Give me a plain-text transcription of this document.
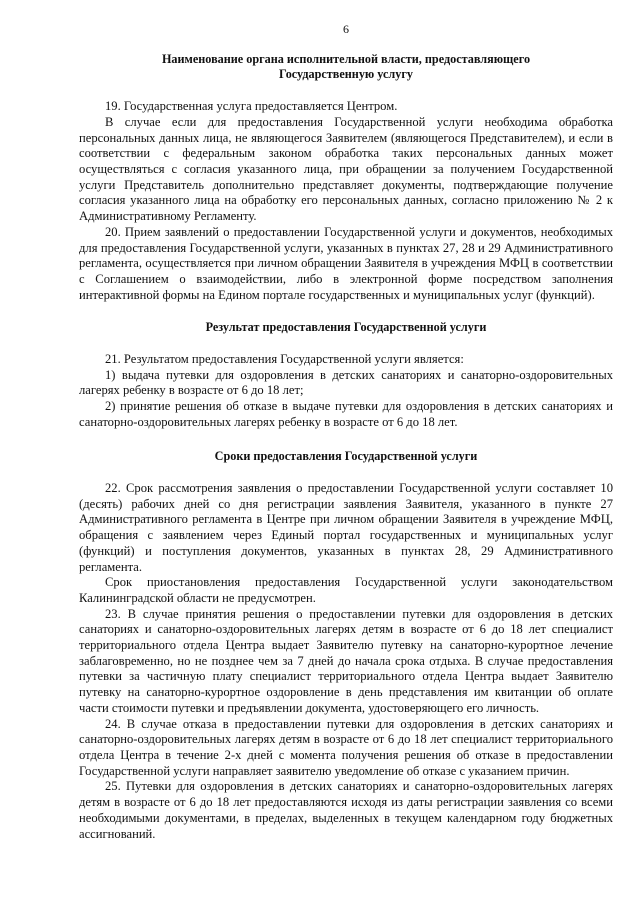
6
Наименование органа исполнительной власти, предоставляющего
Государственную услугу

19. Государственная услуга предоставляется Центром.

В случае если для предоставления Государственной услуги необходима обработка персональных данных лица, не являющегося Заявителем (являющегося Представителем), и если в соответствии с федеральным законом обработка таких персональных данных может осуществляться с согласия указанного лица, при обращении за получением Государственной услуги Представитель дополнительно представляет документы, подтверждающие получение согласия указанного лица на обработку его персональных данных, согласно приложению № 2 к Административному Регламенту.

20. Прием заявлений о предоставлении Государственной услуги и документов, необходимых для предоставления Государственной услуги, указанных в пунктах 27, 28 и 29 Административного регламента, осуществляется при личном обращении Заявителя в учреждения МФЦ в соответствии с Соглашением о взаимодействии, либо в электронной форме посредством заполнения интерактивной формы на Едином портале государственных и муниципальных услуг (функций).

Результат предоставления Государственной услуги

21. Результатом предоставления Государственной услуги является:

1) выдача путевки для оздоровления в детских санаториях и санаторно-оздоровительных лагерях ребенку в возрасте от 6 до 18 лет;

2) принятие решения об отказе в выдаче путевки для оздоровления в детских санаториях и санаторно-оздоровительных лагерях ребенку в возрасте от 6 до 18 лет.

Сроки предоставления Государственной услуги

22. Срок рассмотрения заявления о предоставлении Государственной услуги составляет 10 (десять) рабочих дней со дня регистрации заявления Заявителя, указанного в пункте 27 Административного регламента в Центре при личном обращении Заявителя в учреждение МФЦ, обращения с заявлением через Единый портал государственных и муниципальных услуг (функций) и поступления документов, указанных в пунктах 28, 29 Административного регламента.

Срок приостановления предоставления Государственной услуги законодательством Калининградской области не предусмотрен.

23. В случае принятия решения о предоставлении путевки для оздоровления в детских санаториях и санаторно-оздоровительных лагерях детям в возрасте от 6 до 18 лет специалист территориального отдела Центра выдает Заявителю путевку на санаторно-курортное лечение заблаговременно, но не позднее чем за 7 дней до начала срока отдыха. В случае предоставления путевки за частичную плату специалист территориального отдела Центра выдает Заявителю путевку на санаторно-курортное оздоровление в день представления им квитанции об оплате части стоимости путевки и предъявлении документа, удостоверяющего его личность.

24. В случае отказа в предоставлении путевки для оздоровления в детских санаториях и санаторно-оздоровительных лагерях детям в возрасте от 6 до 18 лет специалист территориального отдела Центра в течение 2-х дней с момента получения решения об отказе в предоставлении Государственной услуги направляет заявителю уведомление об отказе с указанием причин.

25. Путевки для оздоровления в детских санаториях и санаторно-оздоровительных лагерях детям в возрасте от 6 до 18 лет предоставляются исходя из даты регистрации заявления со всеми необходимыми документами, в пределах, выделенных в текущем календарном году бюджетных ассигнований.
